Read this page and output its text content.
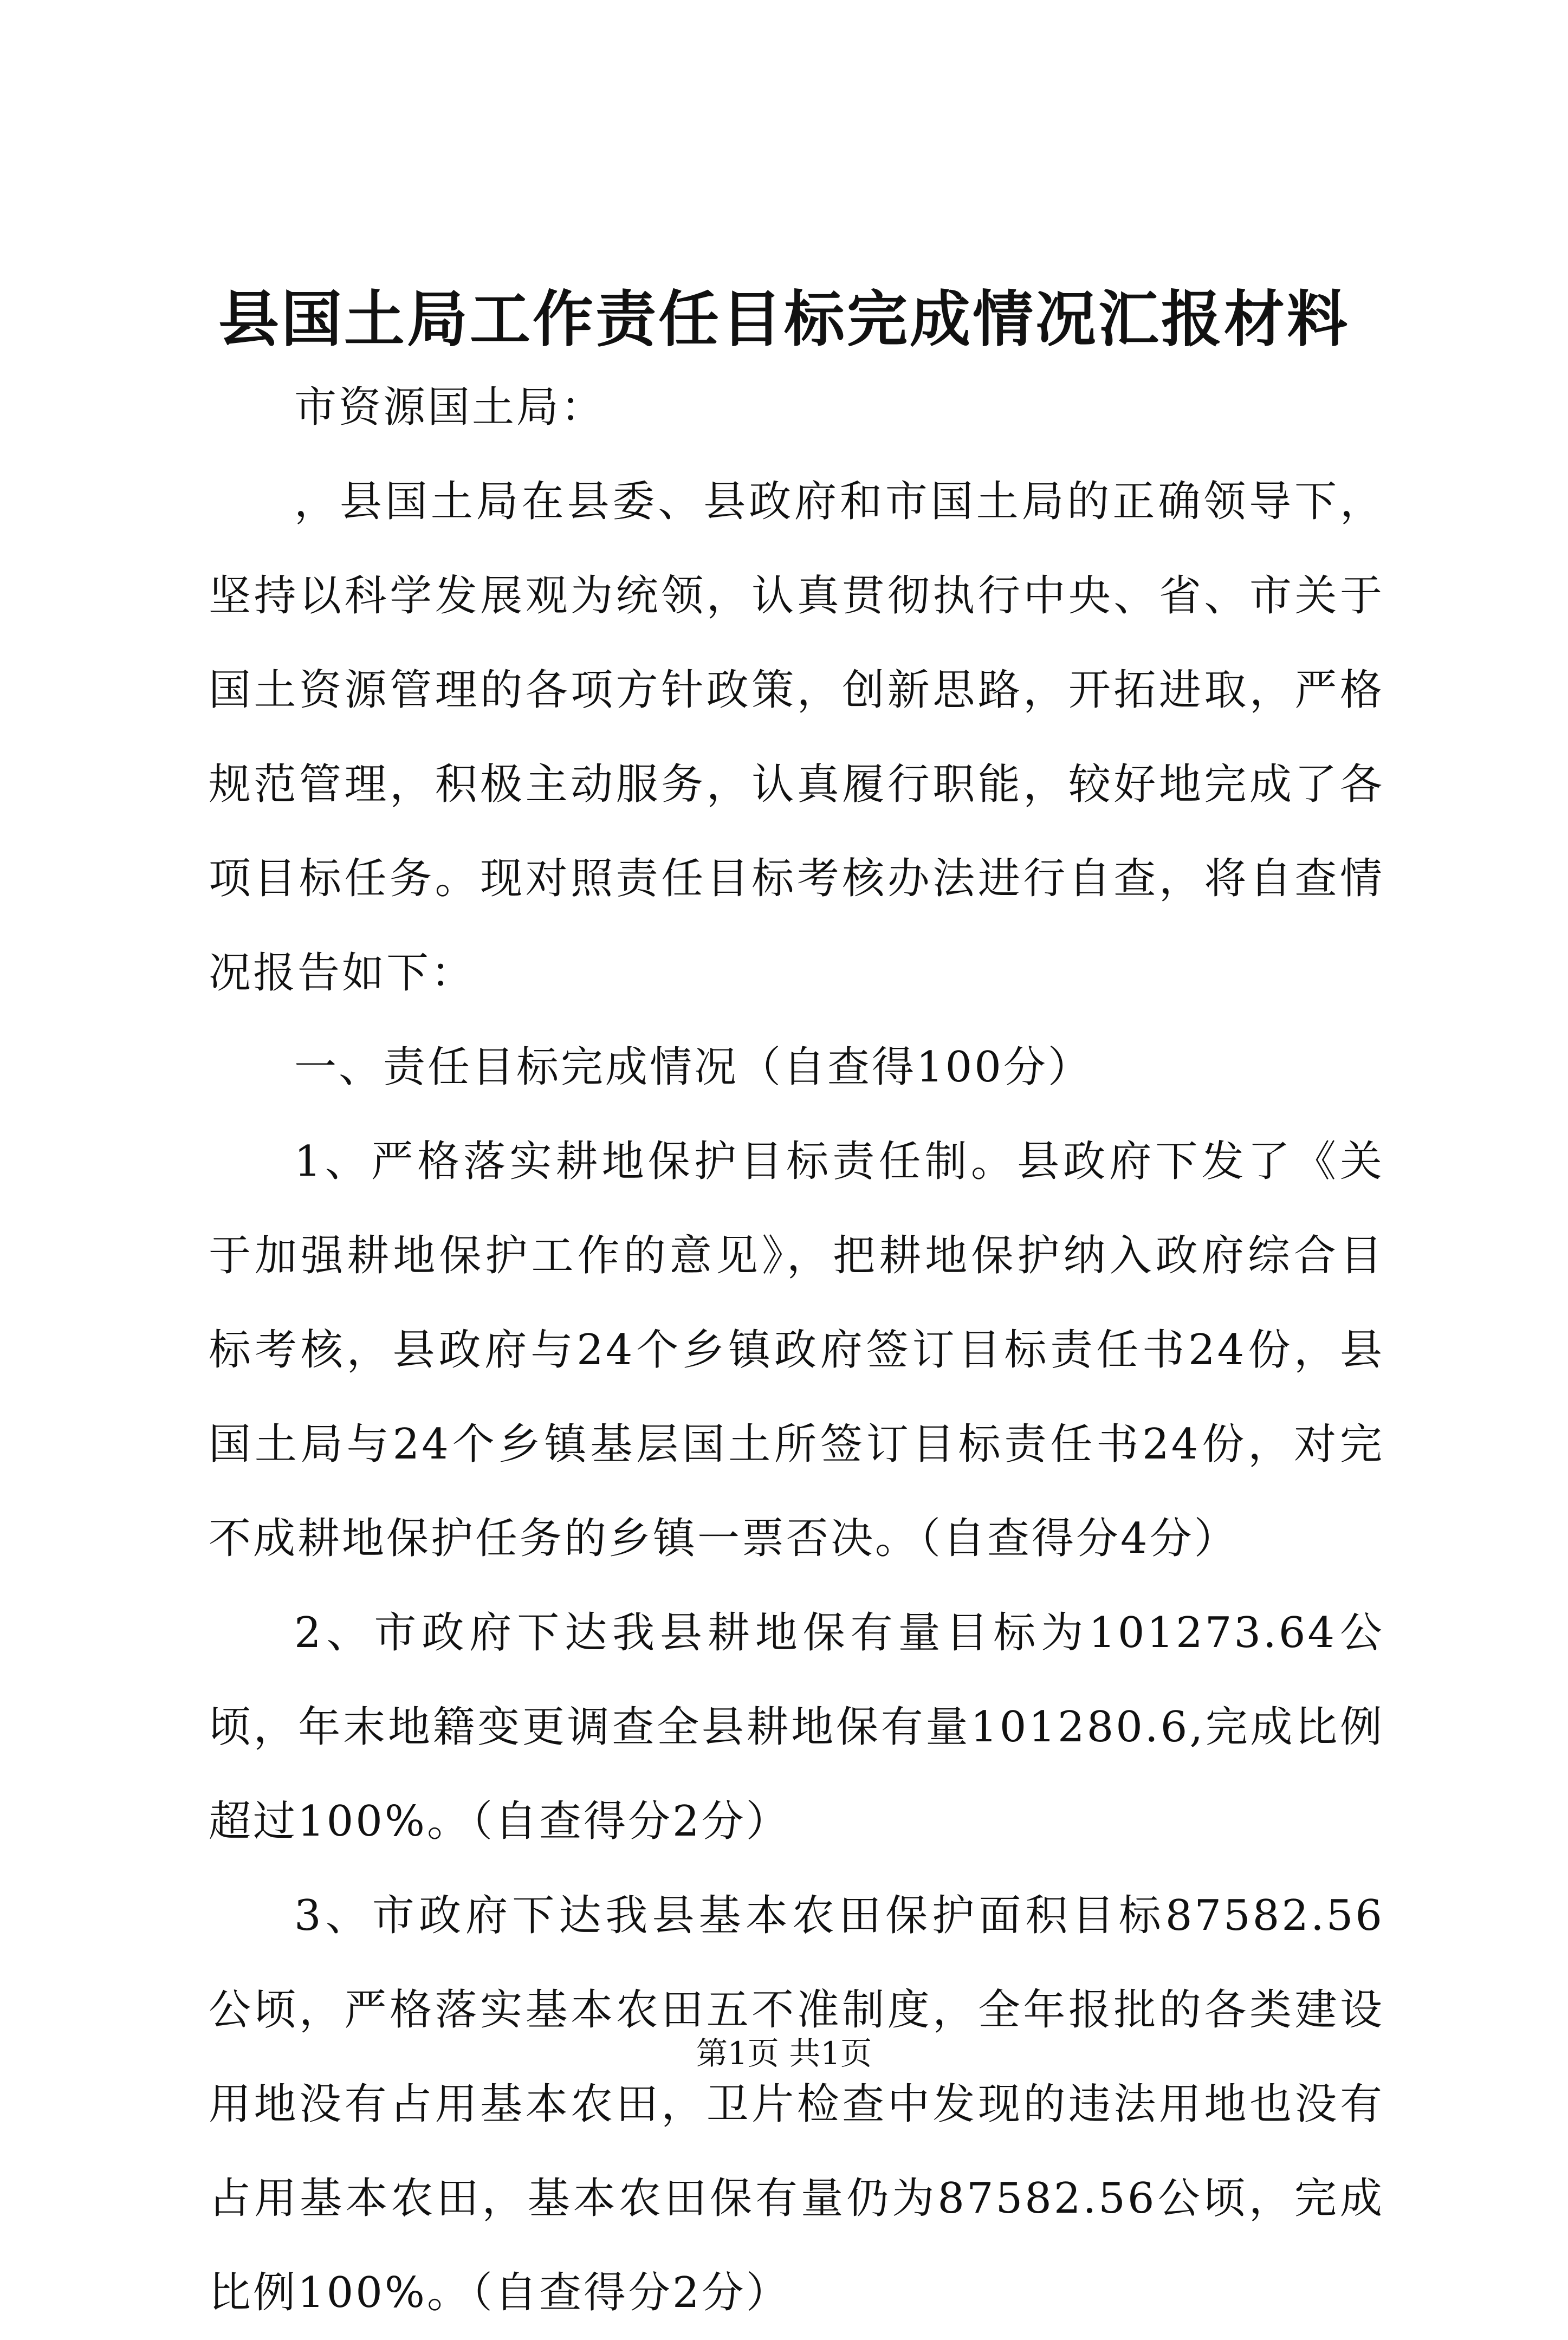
县国土局工作责任目标完成情况汇报材料

市资源国土局：

，县国土局在县委、县政府和市国土局的正确领导下，坚持以科学发展观为统领，认真贯彻执行中央、省、市关于国土资源管理的各项方针政策，创新思路，开拓进取，严格规范管理，积极主动服务，认真履行职能，较好地完成了各项目标任务。现对照责任目标考核办法进行自查，将自查情况报告如下：

一、责任目标完成情况（自查得100分）

1、严格落实耕地保护目标责任制。县政府下发了《关于加强耕地保护工作的意见》，把耕地保护纳入政府综合目标考核，县政府与24个乡镇政府签订目标责任书24份，县国土局与24个乡镇基层国土所签订目标责任书24份，对完不成耕地保护任务的乡镇一票否决。（自查得分4分）

2、市政府下达我县耕地保有量目标为101273.64公顷，年末地籍变更调查全县耕地保有量101280.6,完成比例超过100%。（自查得分2分）

3、市政府下达我县基本农田保护面积目标87582.56公顷，严格落实基本农田五不准制度，全年报批的各类建设用地没有占用基本农田，卫片检查中发现的违法用地也没有占用基本农田，基本农田保有量仍为87582.56公顷，完成比例100%。（自查得分2分）

第1页 共1页
